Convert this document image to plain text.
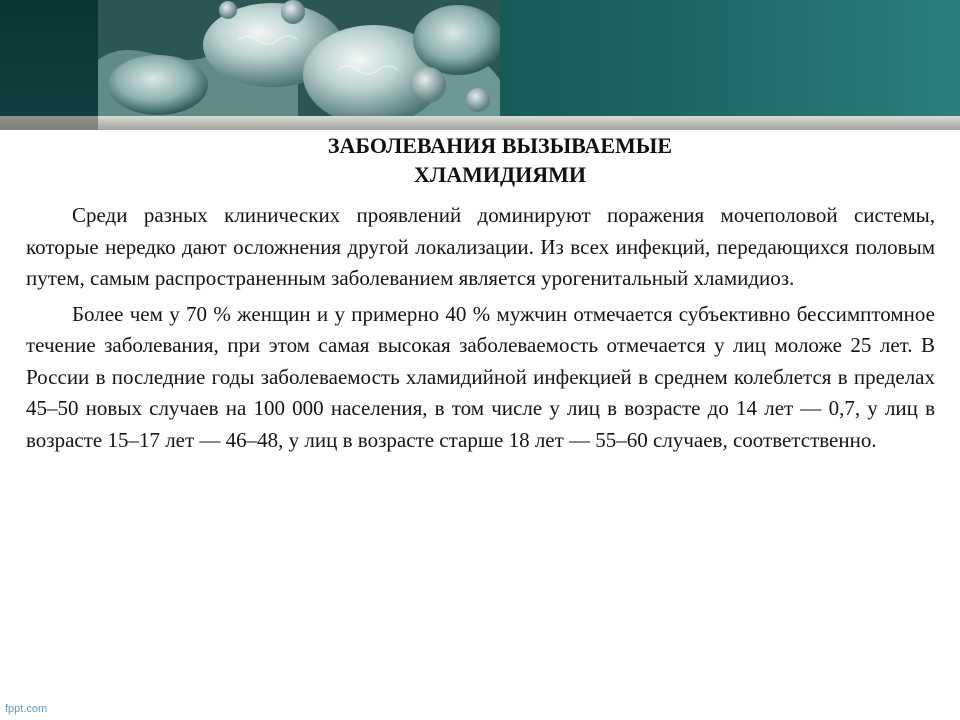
ЗАБОЛЕВАНИЯ ВЫЗЫВАЕМЫЕ
ХЛАМИДИЯМИ

Среди разных клинических проявлений доминируют поражения мочеполовой системы, которые нередко дают осложнения другой локализации. Из всех инфекций, передающихся половым путем, самым распространенным заболеванием является урогенитальный хламидиоз.

Более чем у 70 % женщин и у примерно 40 % мужчин отмечается субъективно бессимптомное течение заболевания, при этом самая высокая заболеваемость отмечается у лиц моложе 25 лет. В России в последние годы заболеваемость хламидийной инфекцией в среднем колеблется в пределах 45–50 новых случаев на 100 000 населения, в том числе у лиц в возрасте до 14 лет — 0,7, у лиц в возрасте 15–17 лет — 46–48, у лиц в возрасте старше 18 лет — 55–60 случаев, соответственно.

fppt.com
